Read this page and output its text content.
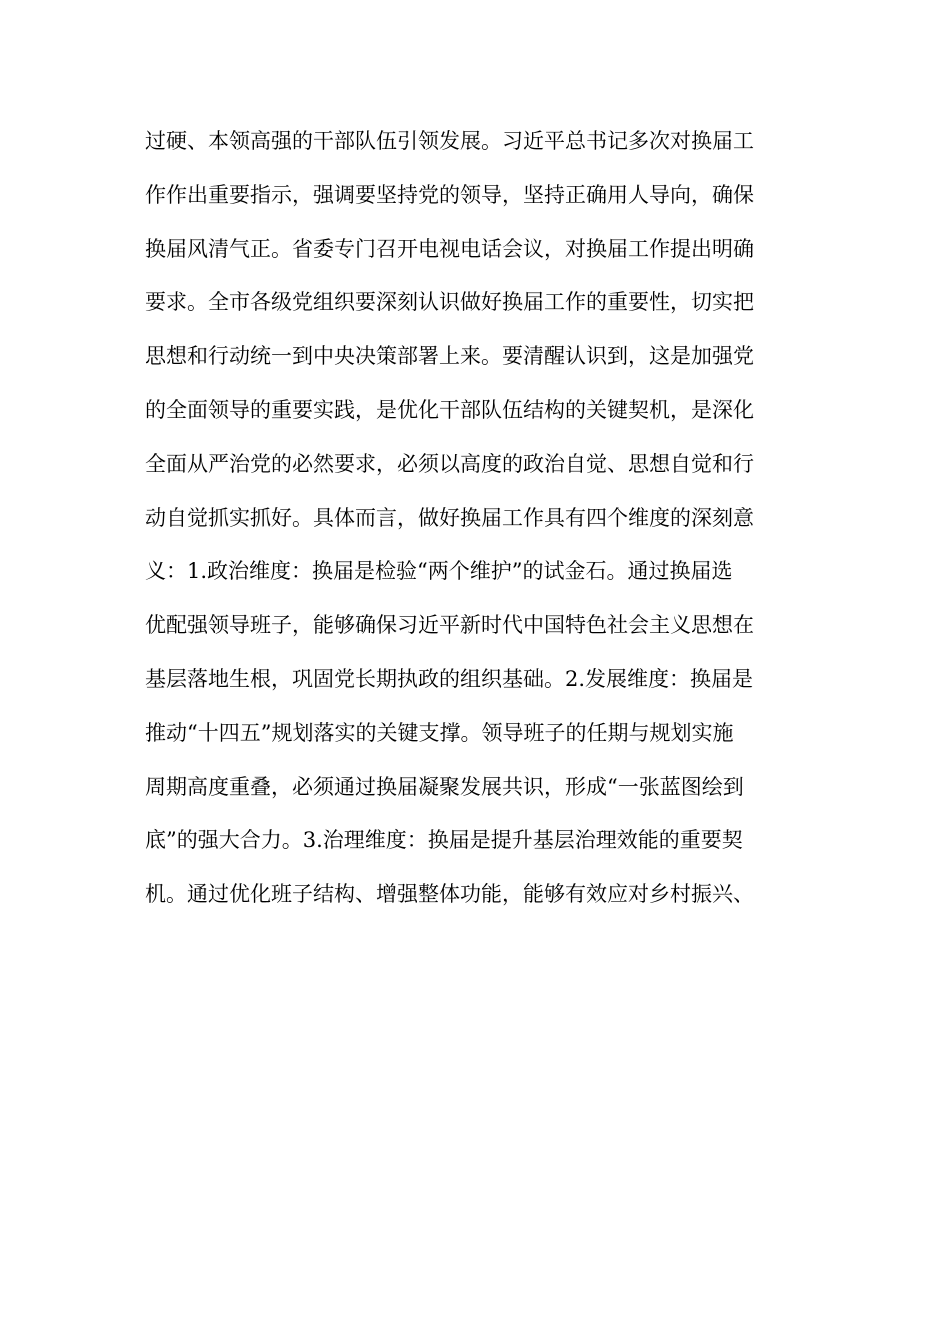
过硬、本领高强的干部队伍引领发展。习近平总书记多次对换届工
作作出重要指示，强调要坚持党的领导，坚持正确用人导向，确保
换届风清气正。省委专门召开电视电话会议，对换届工作提出明确
要求。全市各级党组织要深刻认识做好换届工作的重要性，切实把
思想和行动统一到中央决策部署上来。要清醒认识到，这是加强党
的全面领导的重要实践，是优化干部队伍结构的关键契机，是深化
全面从严治党的必然要求，必须以高度的政治自觉、思想自觉和行
动自觉抓实抓好。具体而言，做好换届工作具有四个维度的深刻意
义：1.政治维度：换届是检验“两个维护”的试金石。通过换届选
优配强领导班子，能够确保习近平新时代中国特色社会主义思想在
基层落地生根，巩固党长期执政的组织基础。2.发展维度：换届是
推动“十四五”规划落实的关键支撑。领导班子的任期与规划实施
周期高度重叠，必须通过换届凝聚发展共识，形成“一张蓝图绘到
底”的强大合力。3.治理维度：换届是提升基层治理效能的重要契
机。通过优化班子结构、增强整体功能，能够有效应对乡村振兴、
